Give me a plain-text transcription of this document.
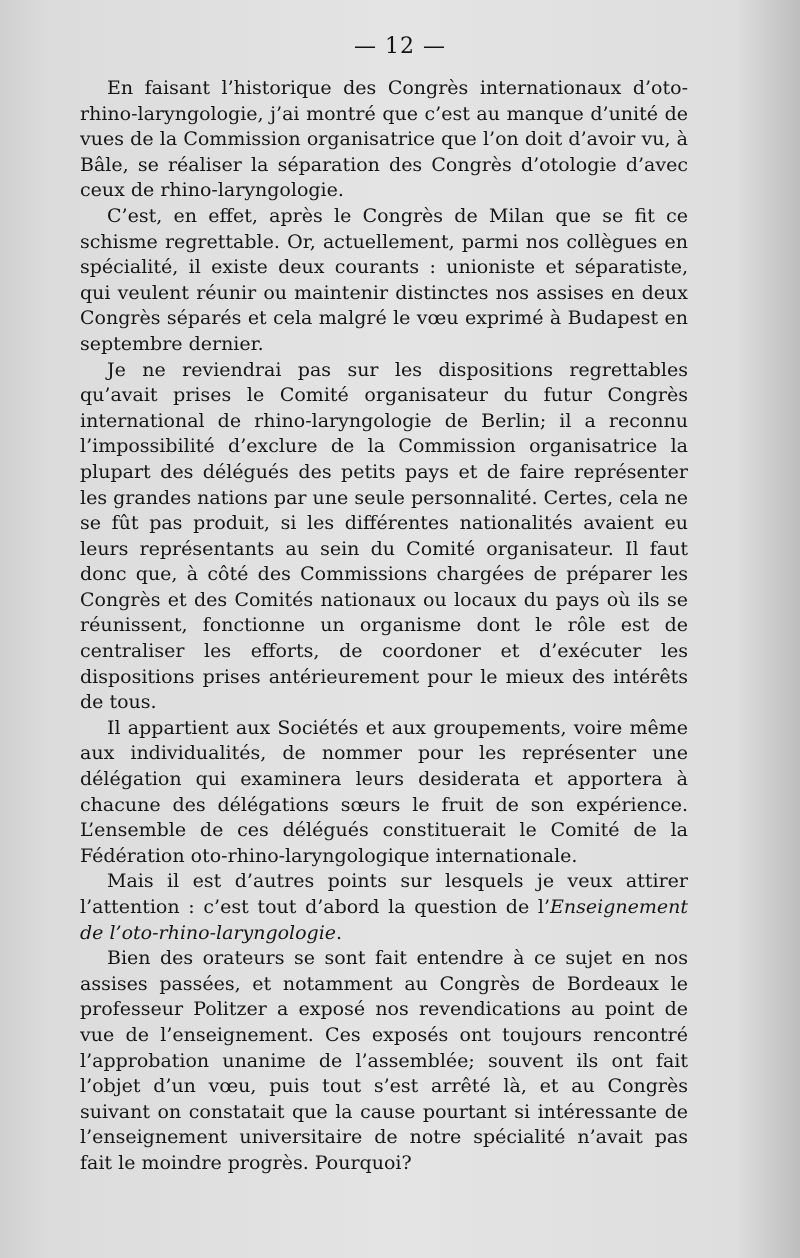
— 12 —

En faisant l’historique des Congrès internationaux d’oto-rhino-laryngologie, j’ai montré que c’est au manque d’unité de vues de la Commission organisatrice que l’on doit d’avoir vu, à Bâle, se réaliser la séparation des Congrès d’otologie d’avec ceux de rhino-laryngologie.

C’est, en effet, après le Congrès de Milan que se fit ce schisme regrettable. Or, actuellement, parmi nos collègues en spécialité, il existe deux courants : unioniste et séparatiste, qui veulent réunir ou maintenir distinctes nos assises en deux Congrès séparés et cela malgré le vœu exprimé à Budapest en septembre dernier.

Je ne reviendrai pas sur les dispositions regrettables qu’avait prises le Comité organisateur du futur Congrès international de rhino-laryngologie de Berlin; il a reconnu l’impossibilité d’exclure de la Commission organisatrice la plupart des délégués des petits pays et de faire représenter les grandes nations par une seule personnalité. Certes, cela ne se fût pas produit, si les différentes nationalités avaient eu leurs représentants au sein du Comité organisateur. Il faut donc que, à côté des Commissions chargées de préparer les Congrès et des Comités nationaux ou locaux du pays où ils se réunissent, fonctionne un organisme dont le rôle est de centraliser les efforts, de coordoner et d’exécuter les dispositions prises antérieurement pour le mieux des intérêts de tous.

Il appartient aux Sociétés et aux groupements, voire même aux individualités, de nommer pour les représenter une délégation qui examinera leurs desiderata et apportera à chacune des délégations sœurs le fruit de son expérience. L’ensemble de ces délégués constituerait le Comité de la Fédération oto-rhino-laryngologique internationale.

Mais il est d’autres points sur lesquels je veux attirer l’attention : c’est tout d’abord la question de l’Enseignement de l’oto-rhino-laryngologie.

Bien des orateurs se sont fait entendre à ce sujet en nos assises passées, et notamment au Congrès de Bordeaux le professeur Politzer a exposé nos revendications au point de vue de l’enseignement. Ces exposés ont toujours rencontré l’approbation unanime de l’assemblée; souvent ils ont fait l’objet d’un vœu, puis tout s’est arrêté là, et au Congrès suivant on constatait que la cause pourtant si intéressante de l’enseignement universitaire de notre spécialité n’avait pas fait le moindre progrès. Pourquoi?
